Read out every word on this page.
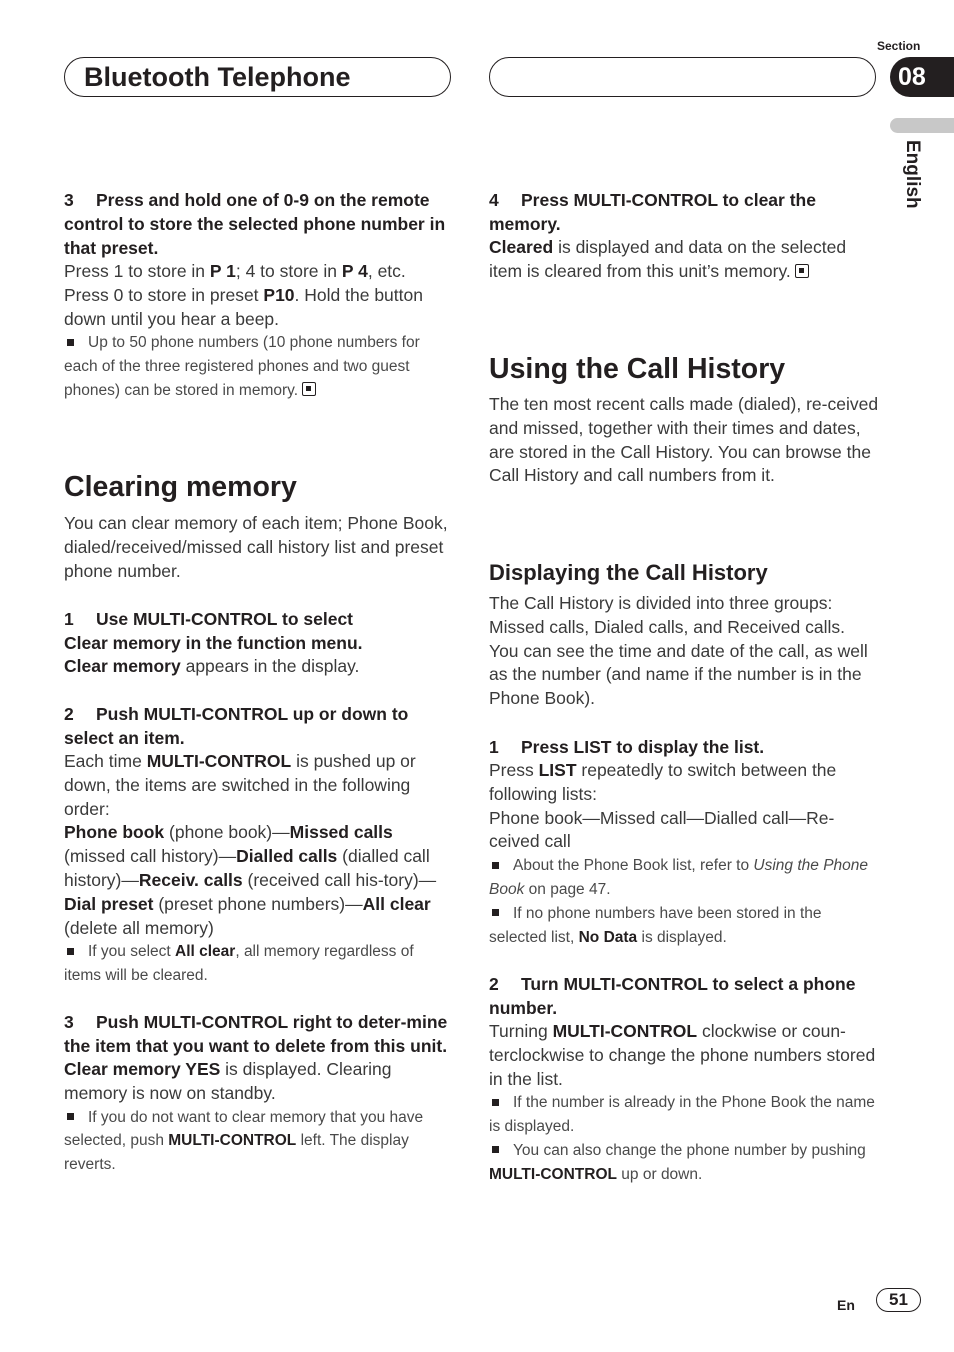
Bluetooth Telephone
Section
08
English

3 Press and hold one of 0-9 on the remote control to store the selected phone number in that preset.

Press 1 to store in P 1; 4 to store in P 4, etc. Press 0 to store in preset P10. Hold the button down until you hear a beep.

Up to 50 phone numbers (10 phone numbers for each of the three registered phones and two guest phones) can be stored in memory.

Clearing memory

You can clear memory of each item; Phone Book, dialed/received/missed call history list and preset phone number.

1 Use MULTI-CONTROL to select

Clear memory in the function menu.

Clear memory appears in the display.

2 Push MULTI-CONTROL up or down to select an item.

Each time MULTI-CONTROL is pushed up or down, the items are switched in the following order:

Phone book (phone book)—Missed calls (missed call history)—Dialled calls (dialled call history)—Receiv. calls (received call his-tory)—Dial preset (preset phone numbers)—All clear (delete all memory)

If you select All clear, all memory regardless of items will be cleared.

3 Push MULTI-CONTROL right to deter-mine the item that you want to delete from this unit.

Clear memory YES is displayed. Clearing memory is now on standby.

If you do not want to clear memory that you have selected, push MULTI-CONTROL left. The display reverts.

4 Press MULTI-CONTROL to clear the memory.

Cleared is displayed and data on the selected item is cleared from this unit’s memory.

Using the Call History

The ten most recent calls made (dialed), re-ceived and missed, together with their times and dates, are stored in the Call History. You can browse the Call History and call numbers from it.

Displaying the Call History

The Call History is divided into three groups: Missed calls, Dialed calls, and Received calls. You can see the time and date of the call, as well as the number (and name if the number is in the Phone Book).

1 Press LIST to display the list.

Press LIST repeatedly to switch between the following lists:

Phone book—Missed call—Dialled call—Re-ceived call

About the Phone Book list, refer to Using the Phone Book on page 47.

If no phone numbers have been stored in the selected list, No Data is displayed.

2 Turn MULTI-CONTROL to select a phone number.

Turning MULTI-CONTROL clockwise or coun-terclockwise to change the phone numbers stored in the list.

If the number is already in the Phone Book the name is displayed.

You can also change the phone number by pushing MULTI-CONTROL up or down.

En	51
